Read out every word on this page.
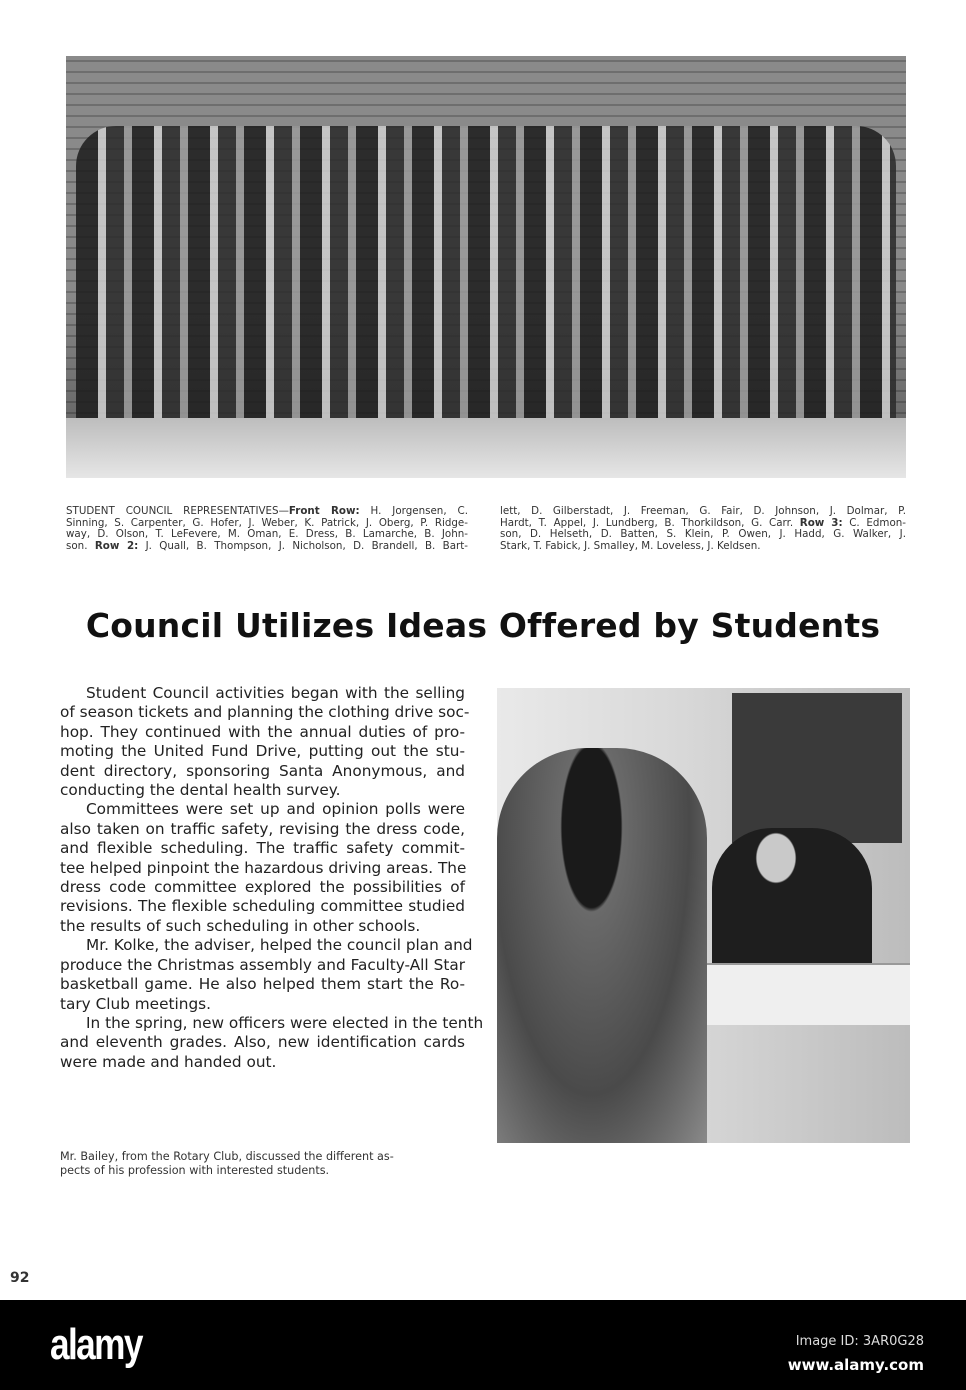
STUDENT COUNCIL REPRESENTATIVES—Front Row: H. Jorgensen, C.
Sinning, S. Carpenter, G. Hofer, J. Weber, K. Patrick, J. Oberg, P. Ridge-
way, D. Olson, T. LeFevere, M. Oman, E. Dress, B. Lamarche, B. John-
son. Row 2: J. Quall, B. Thompson, J. Nicholson, D. Brandell, B. Bart-
lett, D. Gilberstadt, J. Freeman, G. Fair, D. Johnson, J. Dolmar, P.
Hardt, T. Appel, J. Lundberg, B. Thorkildson, G. Carr. Row 3: C. Edmon-
son, D. Helseth, D. Batten, S. Klein, P. Owen, J. Hadd, G. Walker, J.
Stark, T. Fabick, J. Smalley, M. Loveless, J. Keldsen.
Council Utilizes Ideas Offered by Students
Student Council activities began with the selling
of season tickets and planning the clothing drive soc-
hop. They continued with the annual duties of pro-
moting the United Fund Drive, putting out the stu-
dent directory, sponsoring Santa Anonymous, and
conducting the dental health survey.
Committees were set up and opinion polls were
also taken on traffic safety, revising the dress code,
and flexible scheduling. The traffic safety commit-
tee helped pinpoint the hazardous driving areas. The
dress code committee explored the possibilities of
revisions. The flexible scheduling committee studied
the results of such scheduling in other schools.
Mr. Kolke, the adviser, helped the council plan and
produce the Christmas assembly and Faculty-All Star
basketball game. He also helped them start the Ro-
tary Club meetings.
In the spring, new officers were elected in the tenth
and eleventh grades. Also, new identification cards
were made and handed out.
Mr. Bailey, from the Rotary Club, discussed the different as-
pects of his profession with interested students.
92
alamy	Image ID: 3AR0G28
www.alamy.com
